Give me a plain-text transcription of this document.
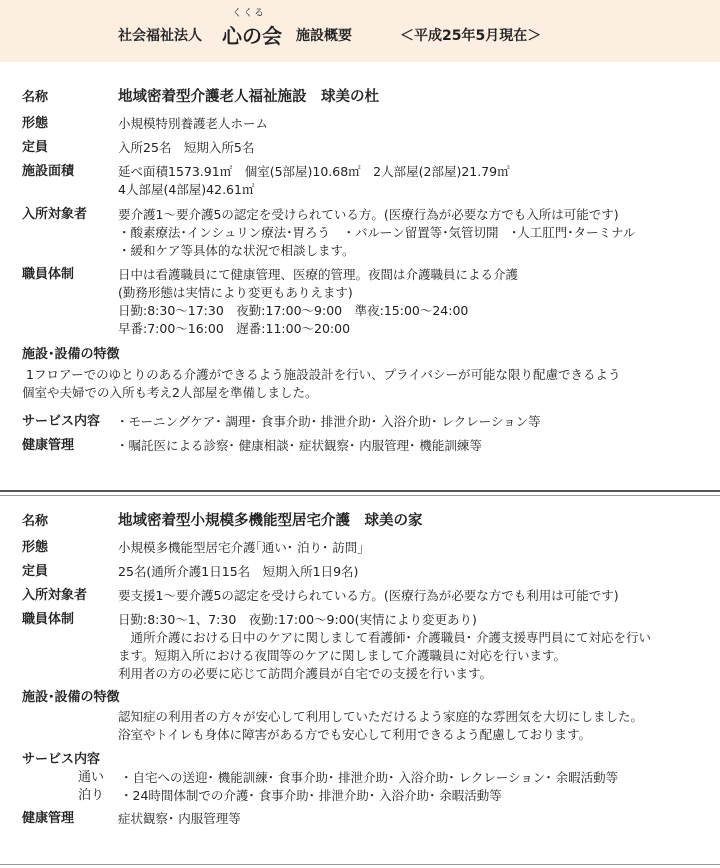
くくる
社会福祉法人 心の会 施設概要	＜平成25年5月現在＞
名称	地域密着型介護老人福祉施設　球美の杜
形態	小規模特別養護老人ホーム
定員	入所25名　短期入所5名
施設面積	延べ面積1573.91㎡　個室(5部屋)10.68㎡　2人部屋(2部屋)21.79㎡
4人部屋(4部屋)42.61㎡
入所対象者 要介護1～要介護5の認定を受けられている方。(医療行為が必要な方でも入所は可能です)
・酸素療法･インシュリン療法･胃ろう　・バルーン留置等･気管切開　･人工肛門･ターミナル
・緩和ケア等具体的な状況で相談します。
職員体制	日中は看護職員にて健康管理、医療的管理。夜間は介護職員による介護
(勤務形態は実情により変更もありえます)
日勤:8:30～17:30　夜勤:17:00～9:00　準夜:15:00～24:00
早番:7:00～16:00　遅番:11:00～20:00
施設･設備の特徴
1フロアーでのゆとりのある介護ができるよう施設設計を行い、プライバシーが可能な限り配慮できるよう
個室や夫婦での入所も考え2人部屋を準備しました。
サービス内容 ・モーニングケア･ 調理･ 食事介助･ 排泄介助･ 入浴介助･ レクレーション等
健康管理	・嘱託医による診察･ 健康相談･ 症状観察･ 内服管理･ 機能訓練等
名称	地域密着型小規模多機能型居宅介護　球美の家
形態	小規模多機能型居宅介護｢通い･ 泊り･ 訪問｣
定員	25名(通所介護1日15名　短期入所1日9名)
入所対象者 要支援1～要介護5の認定を受けられている方。(医療行為が必要な方でも利用は可能です)
職員体制	日勤:8:30～1、7:30　夜勤:17:00～9:00(実情により変更あり)
　通所介護における日中のケアに関しまして看護師･ 介護職員･ 介護支援専門員にて対応を行い
ます。短期入所における夜間等のケアに関しまして介護職員に対応を行います。
利用者の方の必要に応じて訪問介護員が自宅での支援を行います。
施設･設備の特徴
認知症の利用者の方々が安心して利用していただけるよう家庭的な雰囲気を大切にしました。
浴室やトイレも身体に障害がある方でも安心して利用できるよう配慮しております。
サービス内容
通い ・自宅への送迎･ 機能訓練･ 食事介助･ 排泄介助･ 入浴介助･ レクレーション･ 余暇活動等
泊り ・24時間体制での介護･ 食事介助･ 排泄介助･ 入浴介助･ 余暇活動等
健康管理	症状観察･ 内服管理等
